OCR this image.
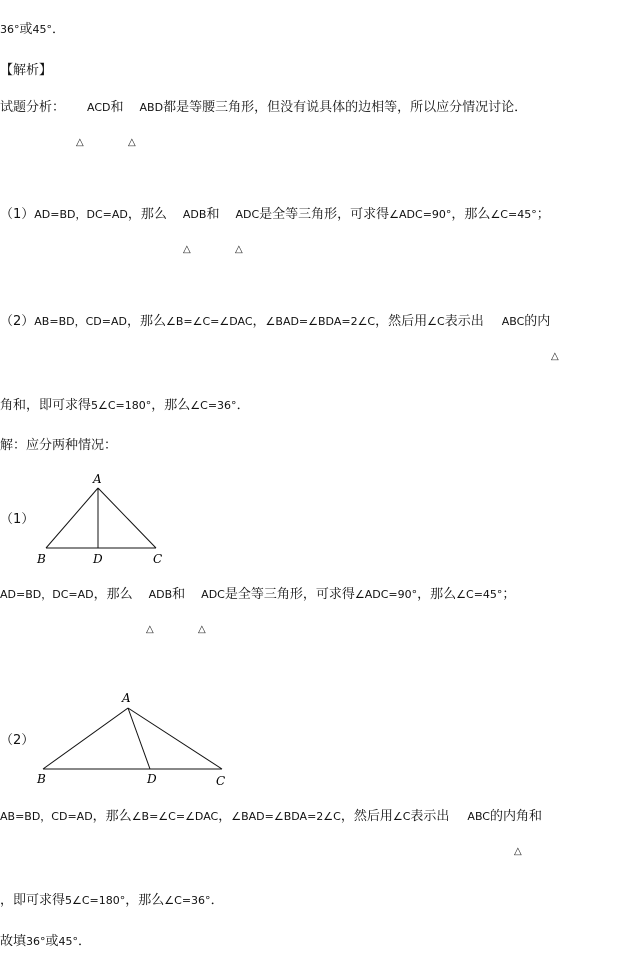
36°或45°．
【解析】
试题分析： ACD和 ABD都是等腰三角形，但没有说具体的边相等，所以应分情况讨论．
△	△
（1）AD=BD，DC=AD，那么 ADB和 ADC是全等三角形，可求得∠ADC=90°，那么∠C=45°；
△	△
（2）AB=BD，CD=AD，那么∠B=∠C=∠DAC，∠BAD=∠BDA=2∠C，然后用∠C表示出 ABC的内
△
角和，即可求得5∠C=180°，那么∠C=36°．
解：应分两种情况：
（1）
A
B	D	C
AD=BD，DC=AD，那么 ADB和 ADC是全等三角形，可求得∠ADC=90°，那么∠C=45°；
△	△
（2）
A
B	D	C
AB=BD，CD=AD，那么∠B=∠C=∠DAC，∠BAD=∠BDA=2∠C，然后用∠C表示出 ABC的内角和
△
，即可求得5∠C=180°，那么∠C=36°．
故填36°或45°．
